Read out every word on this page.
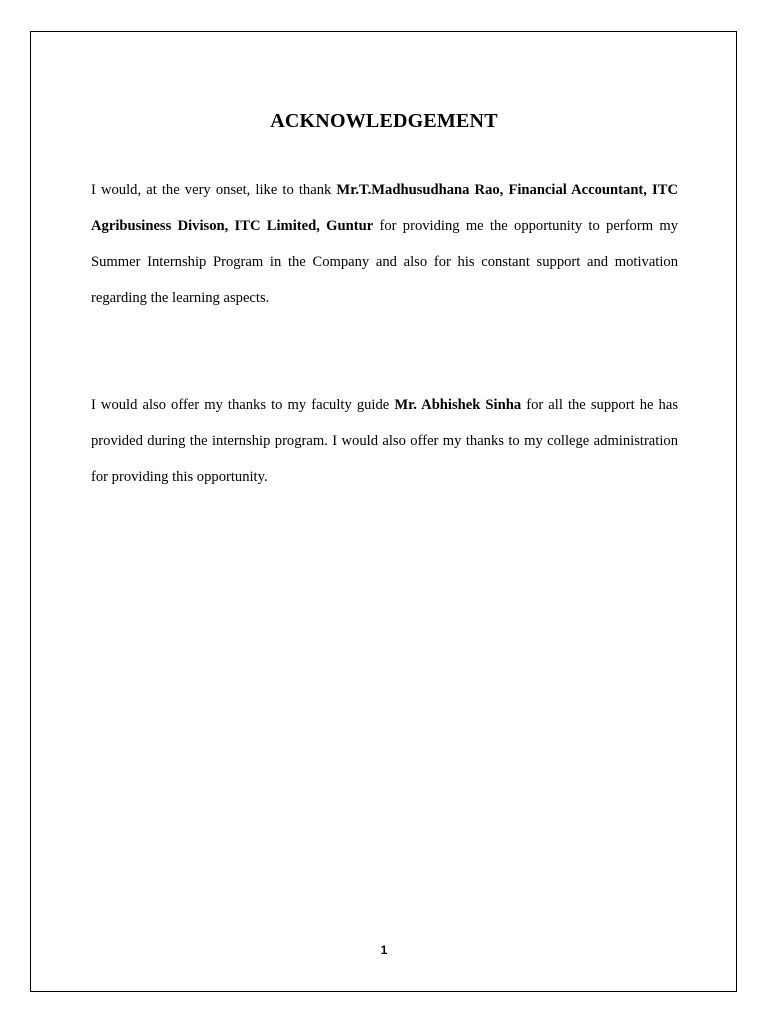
ACKNOWLEDGEMENT

I would, at the very onset, like to thank Mr.T.Madhusudhana Rao, Financial Accountant, ITC Agribusiness Divison, ITC Limited, Guntur for providing me the opportunity to perform my Summer Internship Program in the Company and also for his constant support and motivation regarding the learning aspects.

I would also offer my thanks to my faculty guide Mr. Abhishek Sinha for all the support he has provided during the internship program. I would also offer my thanks to my college administration for providing this opportunity.

1
